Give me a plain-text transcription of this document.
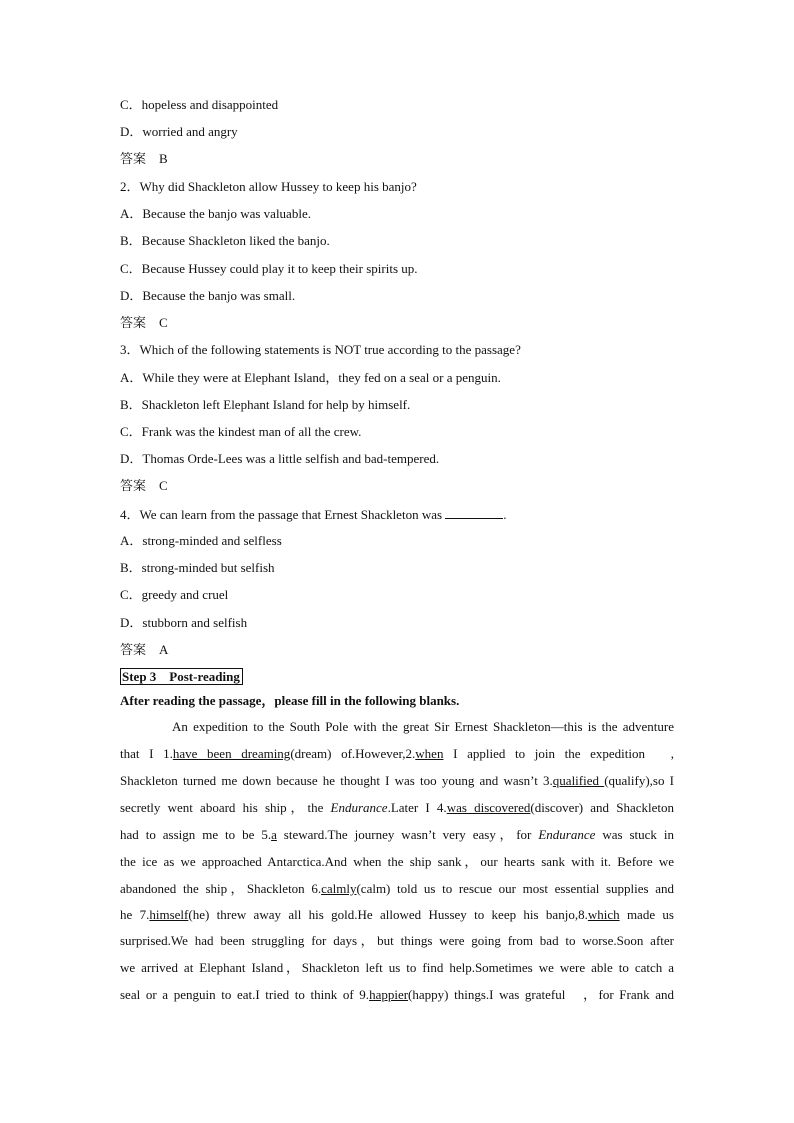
C．hopeless and disappointed
D．worried and angry
答案　B
2．Why did Shackleton allow Hussey to keep his banjo?
A．Because the banjo was valuable.
B．Because Shackleton liked the banjo.
C．Because Hussey could play it to keep their spirits up.
D．Because the banjo was small.
答案　C
3．Which of the following statements is NOT true according to the passage?
A．While they were at Elephant Island，they fed on a seal or a penguin.
B．Shackleton left Elephant Island for help by himself.
C．Frank was the kindest man of all the crew.
D．Thomas Orde-Lees was a little selfish and bad-tempered.
答案　C
4．We can learn from the passage that Ernest Shackleton was	.
A．strong-minded and selfless
B．strong-minded but selfish
C．greedy and cruel
D．stubborn and selfish
答案　A
Step 3　Post-reading
After reading the passage，please fill in the following blanks.
An expedition to the South Pole with the great Sir Ernest Shackleton—this is the adventure
that I 1.have been dreaming(dream) of.However,2.when I applied to join the expedition　,
Shackleton turned me down because he thought I was too young and wasn’t 3.qualified (qualify),so I
secretly went aboard his ship，the Endurance.Later I 4.was discovered(discover) and Shackleton
had to assign me to be 5.a steward.The journey wasn’t very easy，for Endurance was stuck in
the ice as we approached Antarctica.And when the ship sank，our hearts sank with it. Before we
abandoned the ship，Shackleton 6.calmly(calm) told us to rescue our most essential supplies and
he 7.himself(he) threw away all his gold.He allowed Hussey to keep his banjo,8.which made us
surprised.We had been struggling for days，but things were going from bad to worse.Soon after
we arrived at Elephant Island，Shackleton left us to find help.Sometimes we were able to catch a
seal or a penguin to eat.I tried to think of 9.happier(happy) things.I was grateful　，for Frank and
